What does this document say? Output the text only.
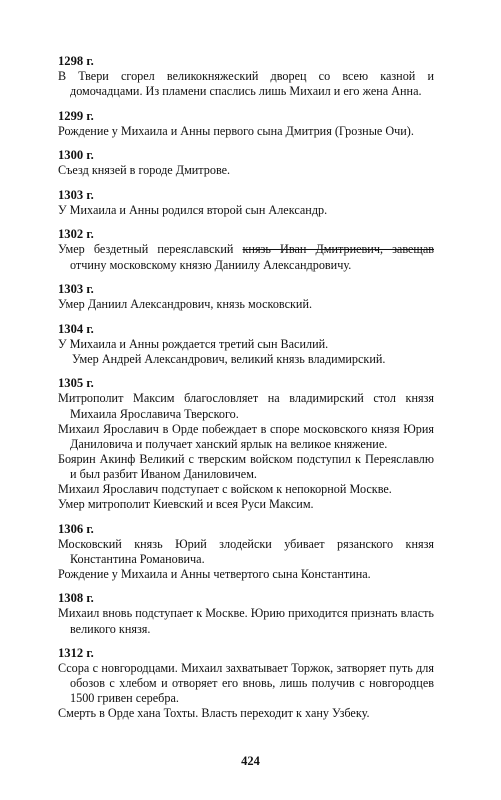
1298 г.
В Твери сгорел великокняжеский дворец со всею казной и домочадцами. Из пламени спаслись лишь Михаил и его жена Анна.
1299 г.
Рождение у Михаила и Анны первого сына Дмитрия (Грозные Очи).
1300 г.
Съезд князей в городе Дмитрове.
1303 г.
У Михаила и Анны родился второй сын Александр.
1302 г.
Умер бездетный переяславский князь Иван Дмитриевич, завещав отчину московскому князю Даниилу Александровичу.
1303 г.
Умер Даниил Александрович, князь московский.
1304 г.
У Михаила и Анны рождается третий сын Василий.
Умер Андрей Александрович, великий князь владимирский.
1305 г.
Митрополит Максим благословляет на владимирский стол князя Михаила Ярославича Тверского.
Михаил Ярославич в Орде побеждает в споре московского князя Юрия Даниловича и получает ханский ярлык на великое княжение.
Боярин Акинф Великий с тверским войском подступил к Переяславлю и был разбит Иваном Даниловичем.
Михаил Ярославич подступает с войском к непокорной Москве.
Умер митрополит Киевский и всея Руси Максим.
1306 г.
Московский князь Юрий злодейски убивает рязанского князя Константина Романовича.
Рождение у Михаила и Анны четвертого сына Константина.
1308 г.
Михаил вновь подступает к Москве. Юрию приходится признать власть великого князя.
1312 г.
Ссора с новгородцами. Михаил захватывает Торжок, затворяет путь для обозов с хлебом и отворяет его вновь, лишь получив с новгородцев 1500 гривен серебра.
Смерть в Орде хана Тохты. Власть переходит к хану Узбеку.
424
